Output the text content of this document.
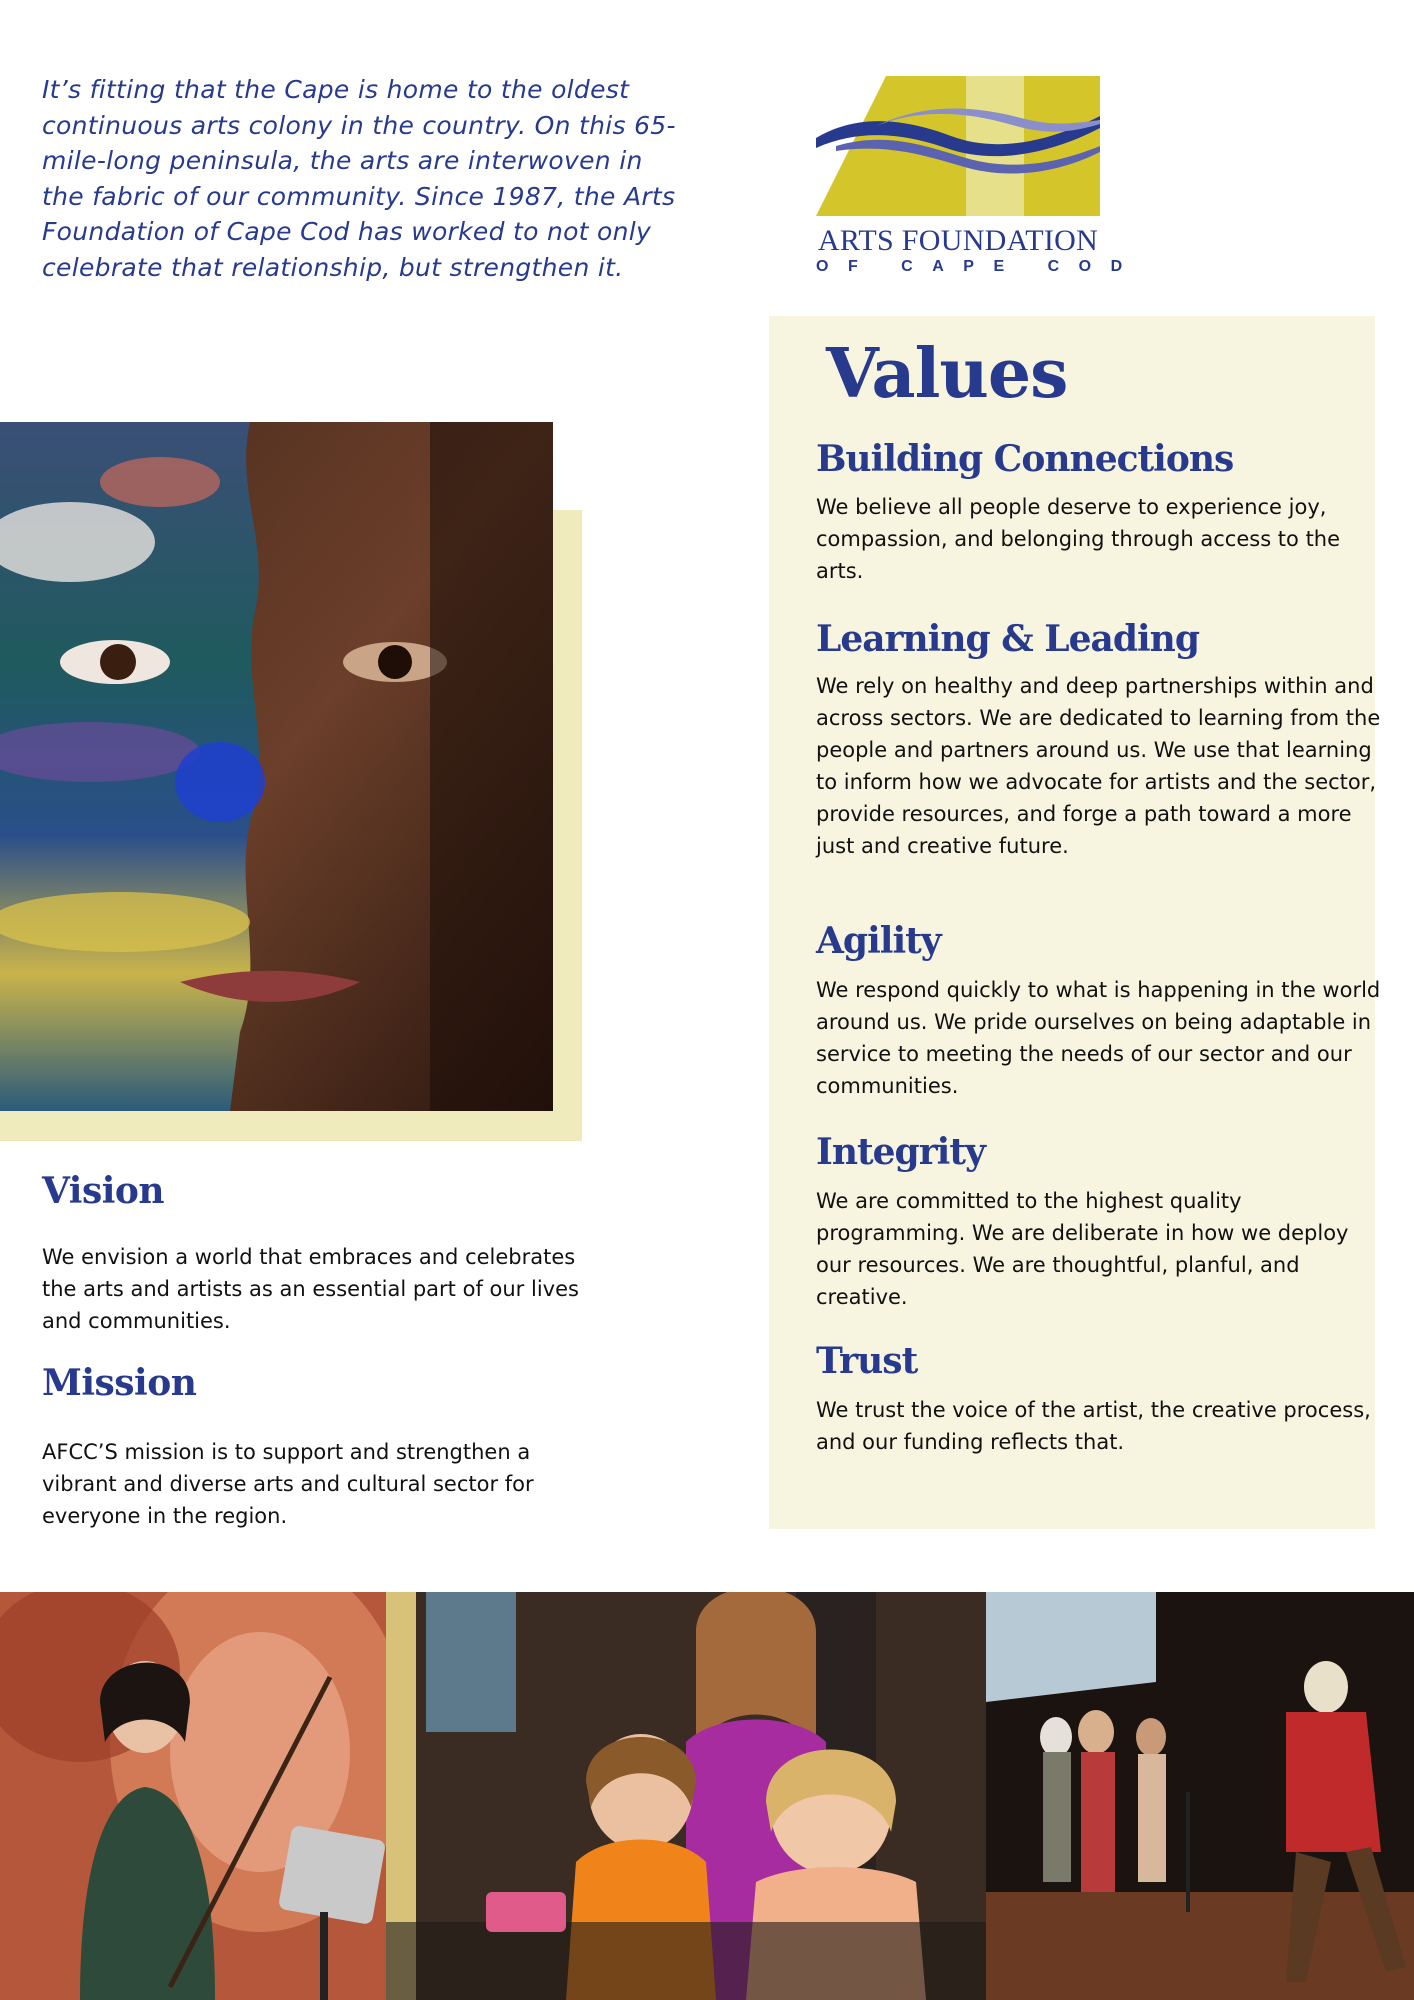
It’s fitting that the Cape is home to the oldest continuous arts colony in the country. On this 65-mile-long peninsula, the arts are interwoven in the fabric of our community. Since 1987, the Arts Foundation of Cape Cod has worked to not only celebrate that relationship, but strengthen it.
ARTS FOUNDATION
OF CAPE COD
Vision
We envision a world that embraces and celebrates the arts and artists as an essential part of our lives and communities.
Mission
AFCC’S mission is to support and strengthen a vibrant and diverse arts and cultural sector for everyone in the region.
Values
Building Connections
We believe all people deserve to experience joy, compassion, and belonging through access to the arts.
Learning & Leading
We rely on healthy and deep partnerships within and across sectors. We are dedicated to learning from the people and partners around us. We use that learning to inform how we advocate for artists and the sector, provide resources, and forge a path toward a more just and creative future.
Agility
We respond quickly to what is happening in the world around us. We pride ourselves on being adaptable in service to meeting the needs of our sector and our communities.
Integrity
We are committed to the highest quality programming. We are deliberate in how we deploy our resources. We are thoughtful, planful, and creative.
Trust
We trust the voice of the artist, the creative process, and our funding reflects that.
